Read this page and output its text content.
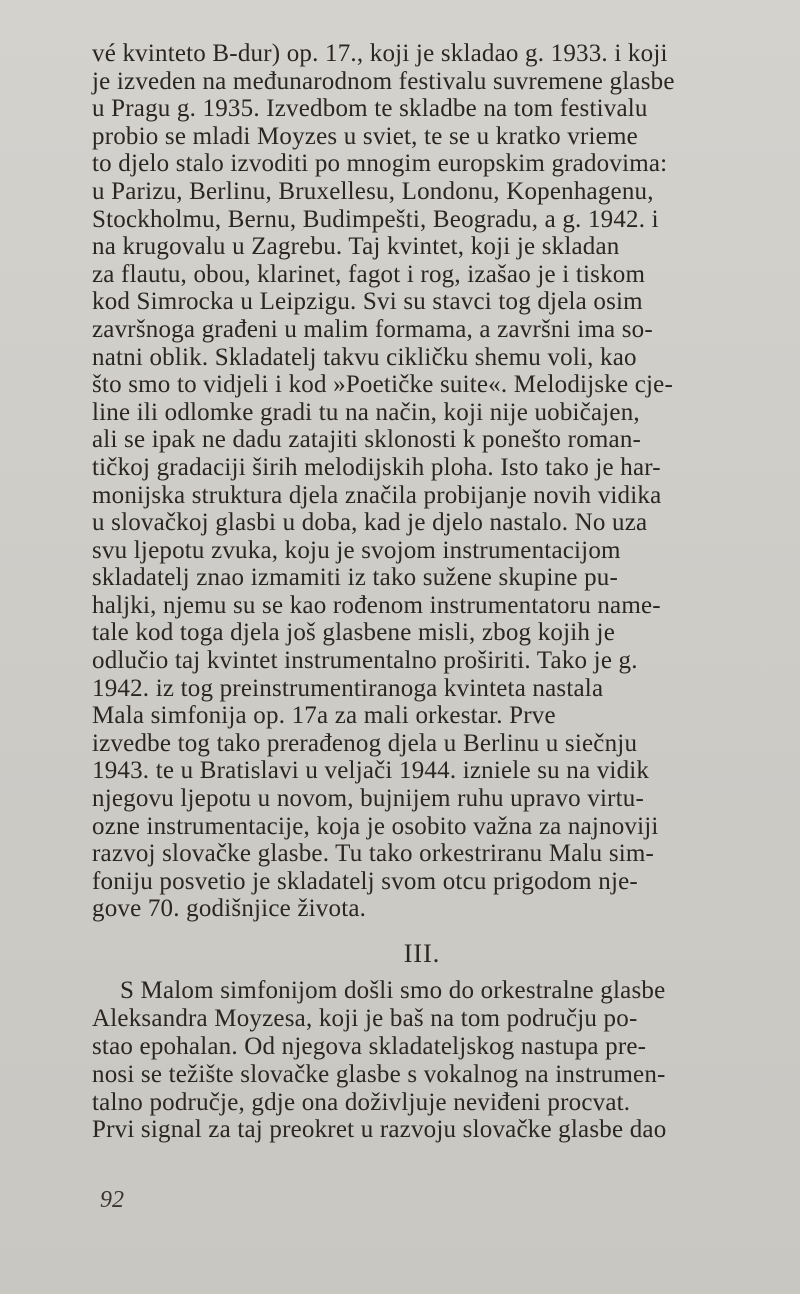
vé kvinteto B-dur) op. 17., koji je skladao g. 1933. i koji
je izveden na međunarodnom festivalu suvremene glasbe
u Pragu g. 1935. Izvedbom te skladbe na tom festivalu
probio se mladi Moyzes u sviet, te se u kratko vrieme
to djelo stalo izvoditi po mnogim europskim gradovima:
u Parizu, Berlinu, Bruxellesu, Londonu, Kopenhagenu,
Stockholmu, Bernu, Budimpešti, Beogradu, a g. 1942. i
na krugovalu u Zagrebu. Taj kvintet, koji je skladan
za flautu, obou, klarinet, fagot i rog, izašao je i tiskom
kod Simrocka u Leipzigu. Svi su stavci tog djela osim
završnoga građeni u malim formama, a završni ima so-
natni oblik. Skladatelj takvu cikličku shemu voli, kao
što smo to vidjeli i kod »Poetičke suite«. Melodijske cje-
line ili odlomke gradi tu na način, koji nije uobičajen,
ali se ipak ne dadu zatajiti sklonosti k ponešto roman-
tičkoj gradaciji širih melodijskih ploha. Isto tako je har-
monijska struktura djela značila probijanje novih vidika
u slovačkoj glasbi u doba, kad je djelo nastalo. No uza
svu ljepotu zvuka, koju je svojom instrumentacijom
skladatelj znao izmamiti iz tako sužene skupine pu-
haljki, njemu su se kao rođenom instrumentatoru name-
tale kod toga djela još glasbene misli, zbog kojih je
odlučio taj kvintet instrumentalno proširiti. Tako je g.
1942. iz tog preinstrumentiranoga kvinteta nastala
Mala simfonija op. 17a za mali orkestar. Prve
izvedbe tog tako prerađenog djela u Berlinu u siečnju
1943. te u Bratislavi u veljači 1944. izniele su na vidik
njegovu ljepotu u novom, bujnijem ruhu upravo virtu-
ozne instrumentacije, koja je osobito važna za najnoviji
razvoj slovačke glasbe. Tu tako orkestriranu Malu sim-
foniju posvetio je skladatelj svom otcu prigodom nje-
gove 70. godišnjice života.
III.
S Malom simfonijom došli smo do orkestralne glasbe
Aleksandra Moyzesa, koji je baš na tom području po-
stao epohalan. Od njegova skladateljskog nastupa pre-
nosi se težište slovačke glasbe s vokalnog na instrumen-
talno područje, gdje ona doživljuje neviđeni procvat.
Prvi signal za taj preokret u razvoju slovačke glasbe dao
92
